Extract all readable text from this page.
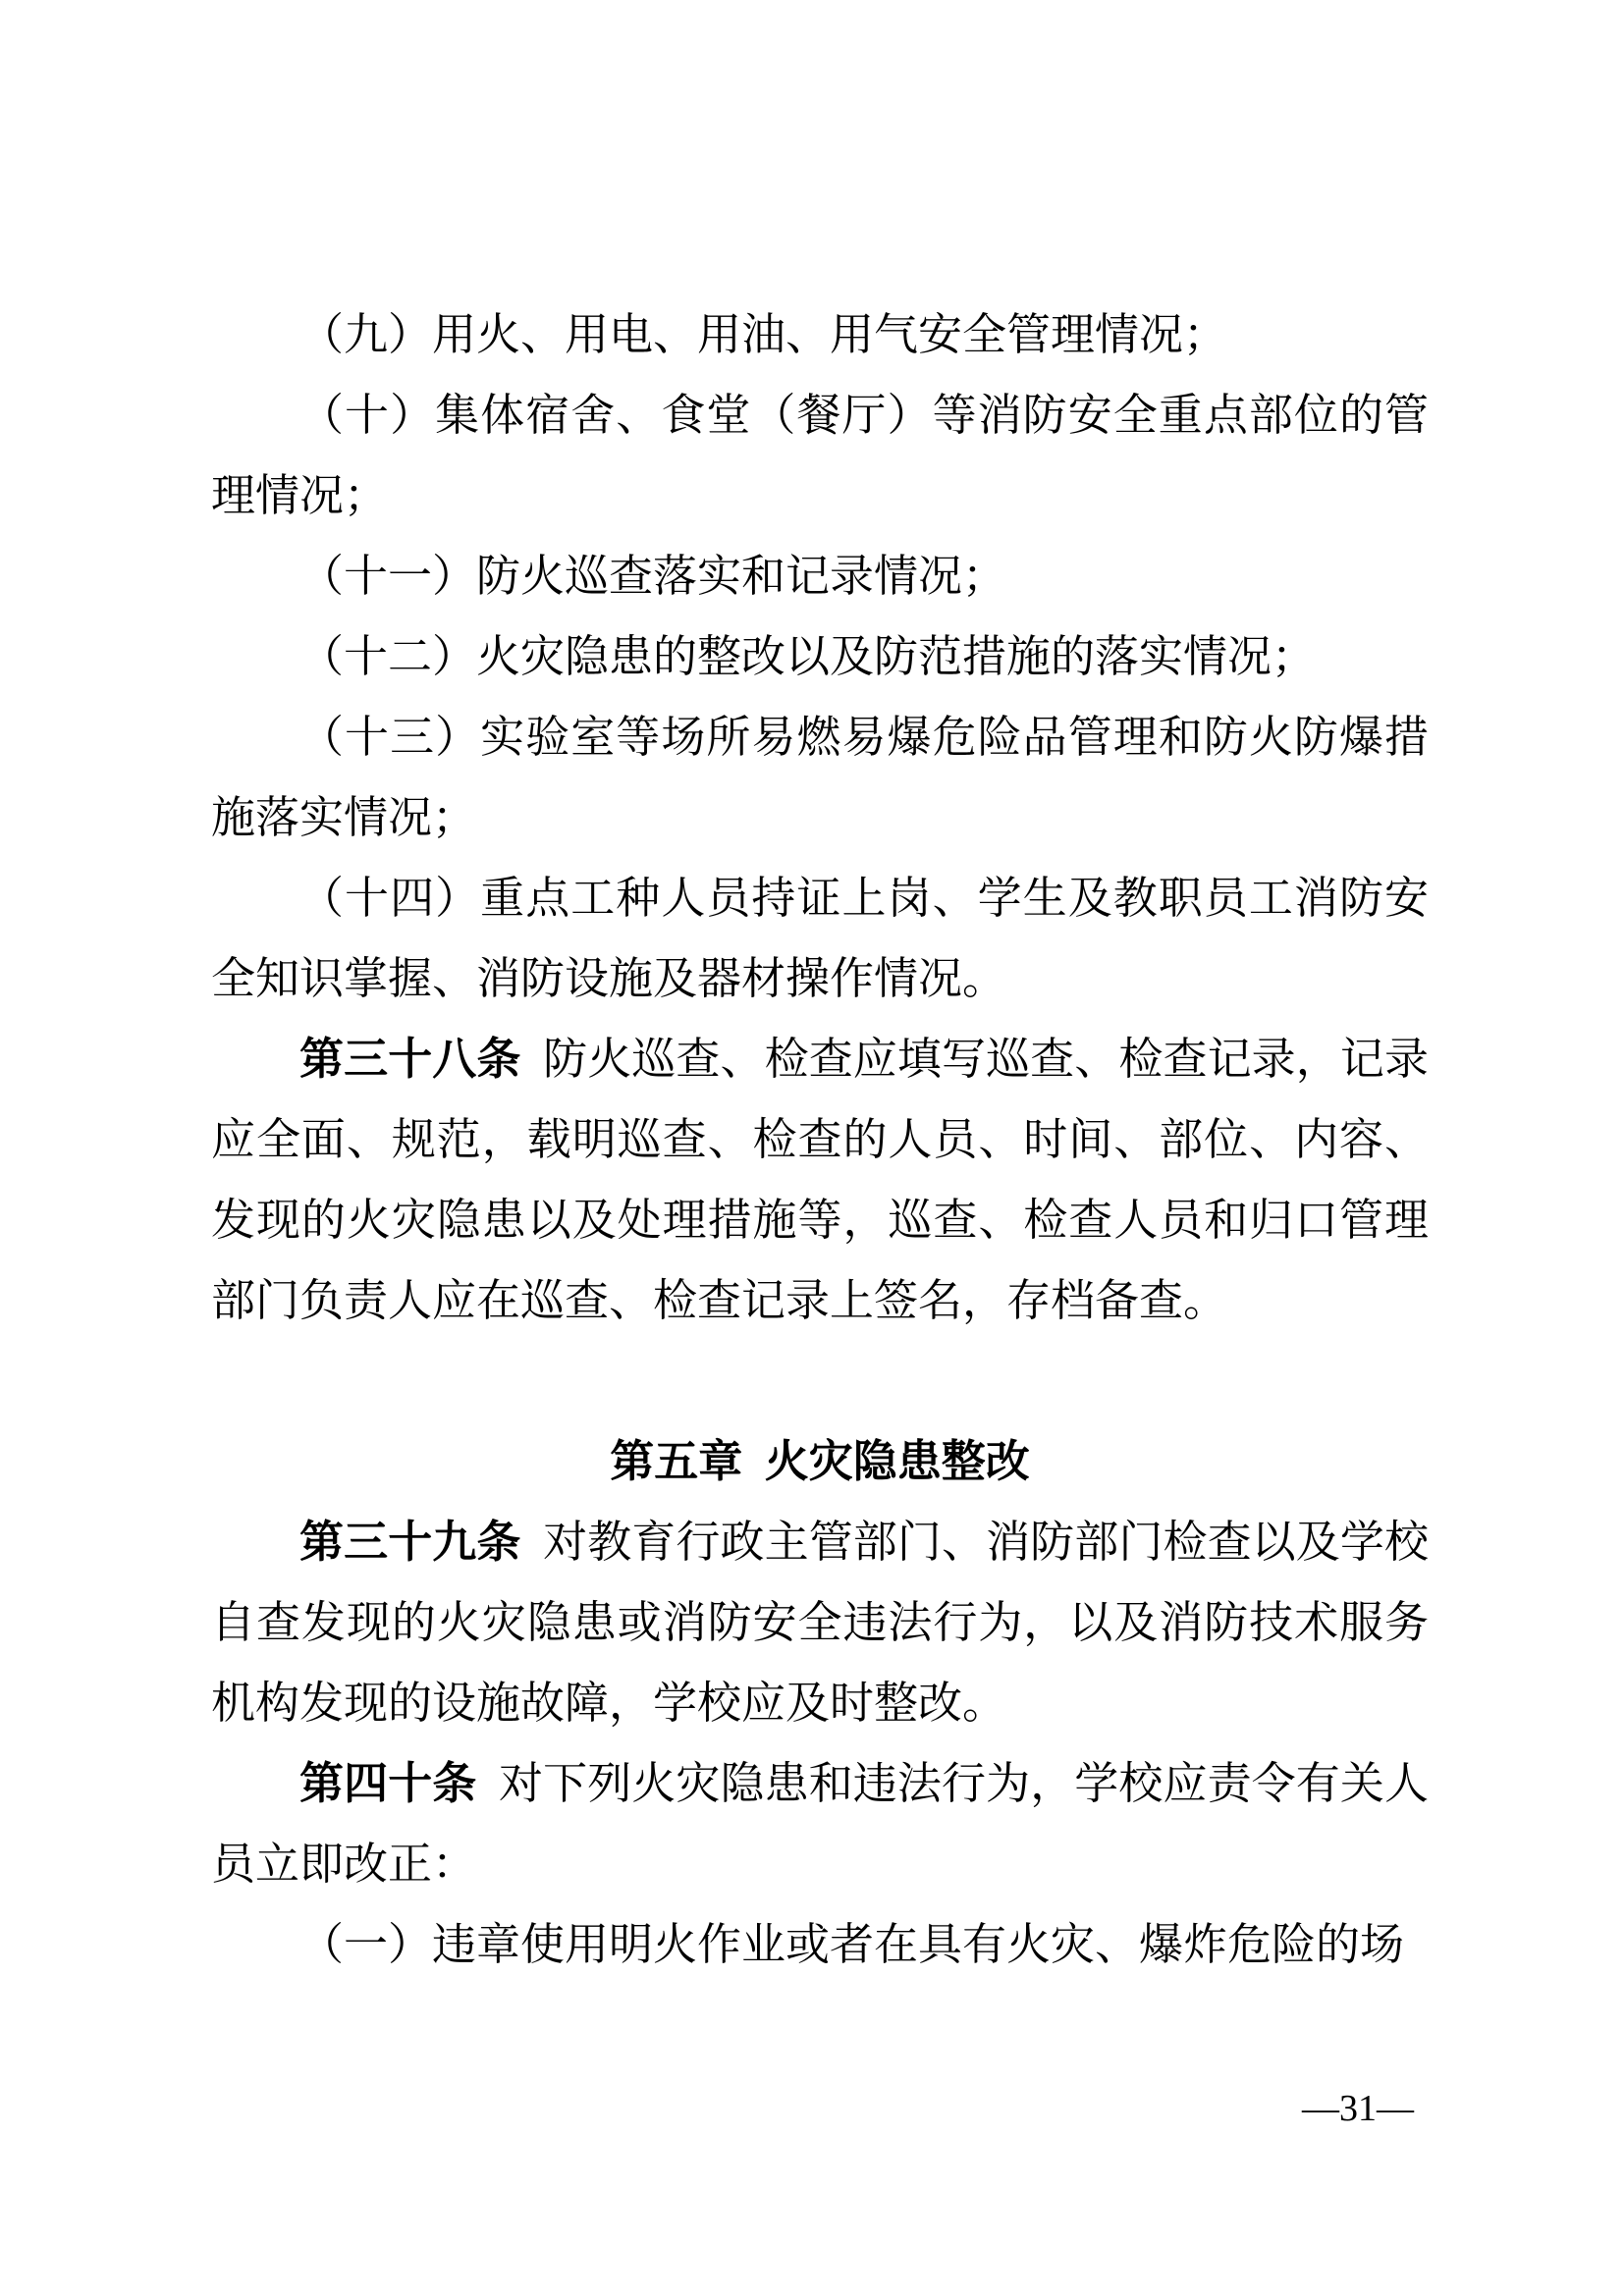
（九）用火、用电、用油、用气安全管理情况；

（十）集体宿舍、食堂（餐厅）等消防安全重点部位的管理情况；

（十一）防火巡查落实和记录情况；

（十二）火灾隐患的整改以及防范措施的落实情况；

（十三）实验室等场所易燃易爆危险品管理和防火防爆措施落实情况；

（十四）重点工种人员持证上岗、学生及教职员工消防安全知识掌握、消防设施及器材操作情况。

第三十八条 防火巡查、检查应填写巡查、检查记录，记录应全面、规范，载明巡查、检查的人员、时间、部位、内容、发现的火灾隐患以及处理措施等，巡查、检查人员和归口管理部门负责人应在巡查、检查记录上签名，存档备查。

第五章 火灾隐患整改

第三十九条 对教育行政主管部门、消防部门检查以及学校自查发现的火灾隐患或消防安全违法行为，以及消防技术服务机构发现的设施故障，学校应及时整改。

第四十条 对下列火灾隐患和违法行为，学校应责令有关人员立即改正：

（一）违章使用明火作业或者在具有火灾、爆炸危险的场

—31—
